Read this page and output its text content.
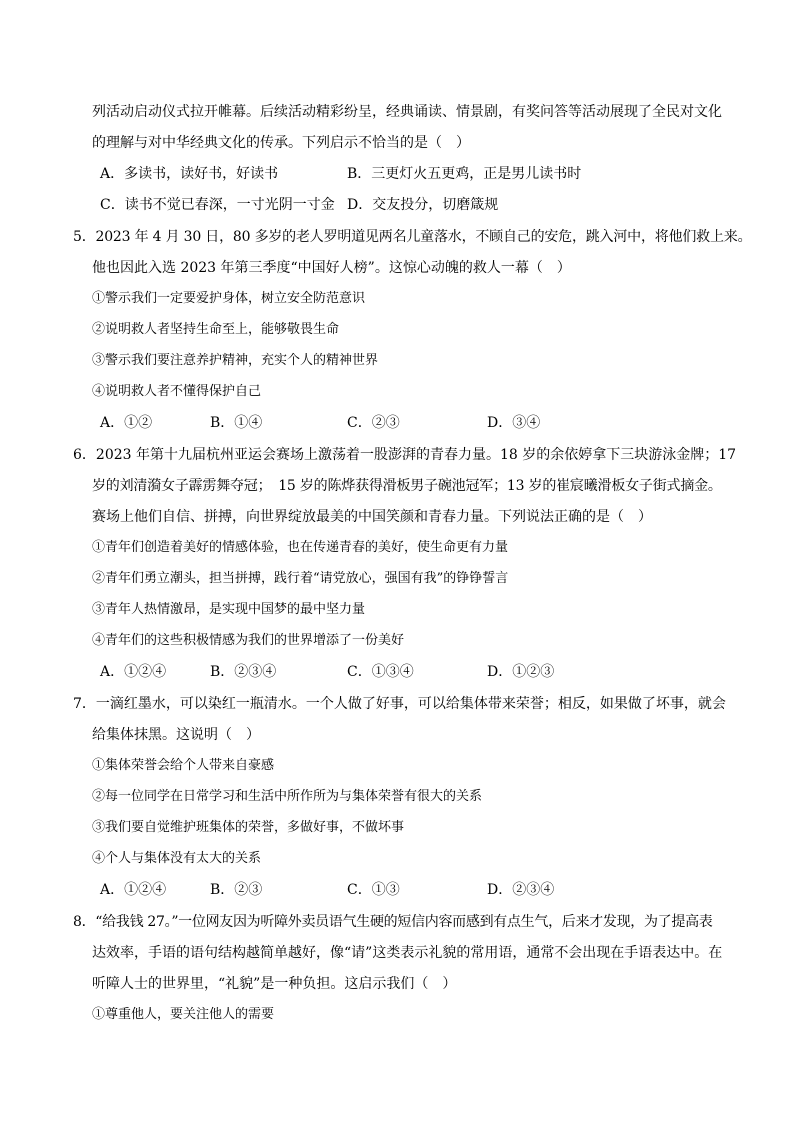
列活动启动仪式拉开帷幕。后续活动精彩纷呈，经典诵读、情景剧，有奖问答等活动展现了全民对文化
的理解与对中华经典文化的传承。下列启示不恰当的是（　）
A．多读书，读好书，好读书	B．三更灯火五更鸡，正是男儿读书时
C．读书不觉已春深，一寸光阴一寸金 D．交友投分，切磨箴规
5．2023 年 4 月 30 日，80 多岁的老人罗明道见两名儿童落水，不顾自己的安危，跳入河中，将他们救上来。
他也因此入选 2023 年第三季度“中国好人榜”。这惊心动魄的救人一幕（　）
①警示我们一定要爱护身体，树立安全防范意识
②说明救人者坚持生命至上，能够敬畏生命
③警示我们要注意养护精神，充实个人的精神世界
④说明救人者不懂得保护自己
A．①②	B．①④	C．②③	D．③④
6．2023 年第十九届杭州亚运会赛场上激荡着一股澎湃的青春力量。18 岁的余依婷拿下三块游泳金牌；17
岁的刘清漪女子霹雳舞夺冠；　15 岁的陈烨获得滑板男子碗池冠军；13 岁的崔宸曦滑板女子街式摘金。
赛场上他们自信、拼搏，向世界绽放最美的中国笑颜和青春力量。下列说法正确的是（　）
①青年们创造着美好的情感体验，也在传递青春的美好，使生命更有力量
②青年们勇立潮头，担当拼搏，践行着“请党放心，强国有我”的铮铮誓言
③青年人热情激昂，是实现中国梦的最中坚力量
④青年们的这些积极情感为我们的世界增添了一份美好
A．①②④	B．②③④	C．①③④	D．①②③
7．一滴红墨水，可以染红一瓶清水。一个人做了好事，可以给集体带来荣誉；相反，如果做了坏事，就会
给集体抹黑。这说明（　）
①集体荣誉会给个人带来自豪感
②每一位同学在日常学习和生活中所作所为与集体荣誉有很大的关系
③我们要自觉维护班集体的荣誉，多做好事，不做坏事
④个人与集体没有太大的关系
A．①②④	B．②③	C．①③	D．②③④
8．“给我钱 27。”一位网友因为听障外卖员语气生硬的短信内容而感到有点生气，后来才发现，为了提高表
达效率，手语的语句结构越简单越好，像“请”这类表示礼貌的常用语，通常不会出现在手语表达中。在
听障人士的世界里，“礼貌”是一种负担。这启示我们（　）
①尊重他人，要关注他人的需要
